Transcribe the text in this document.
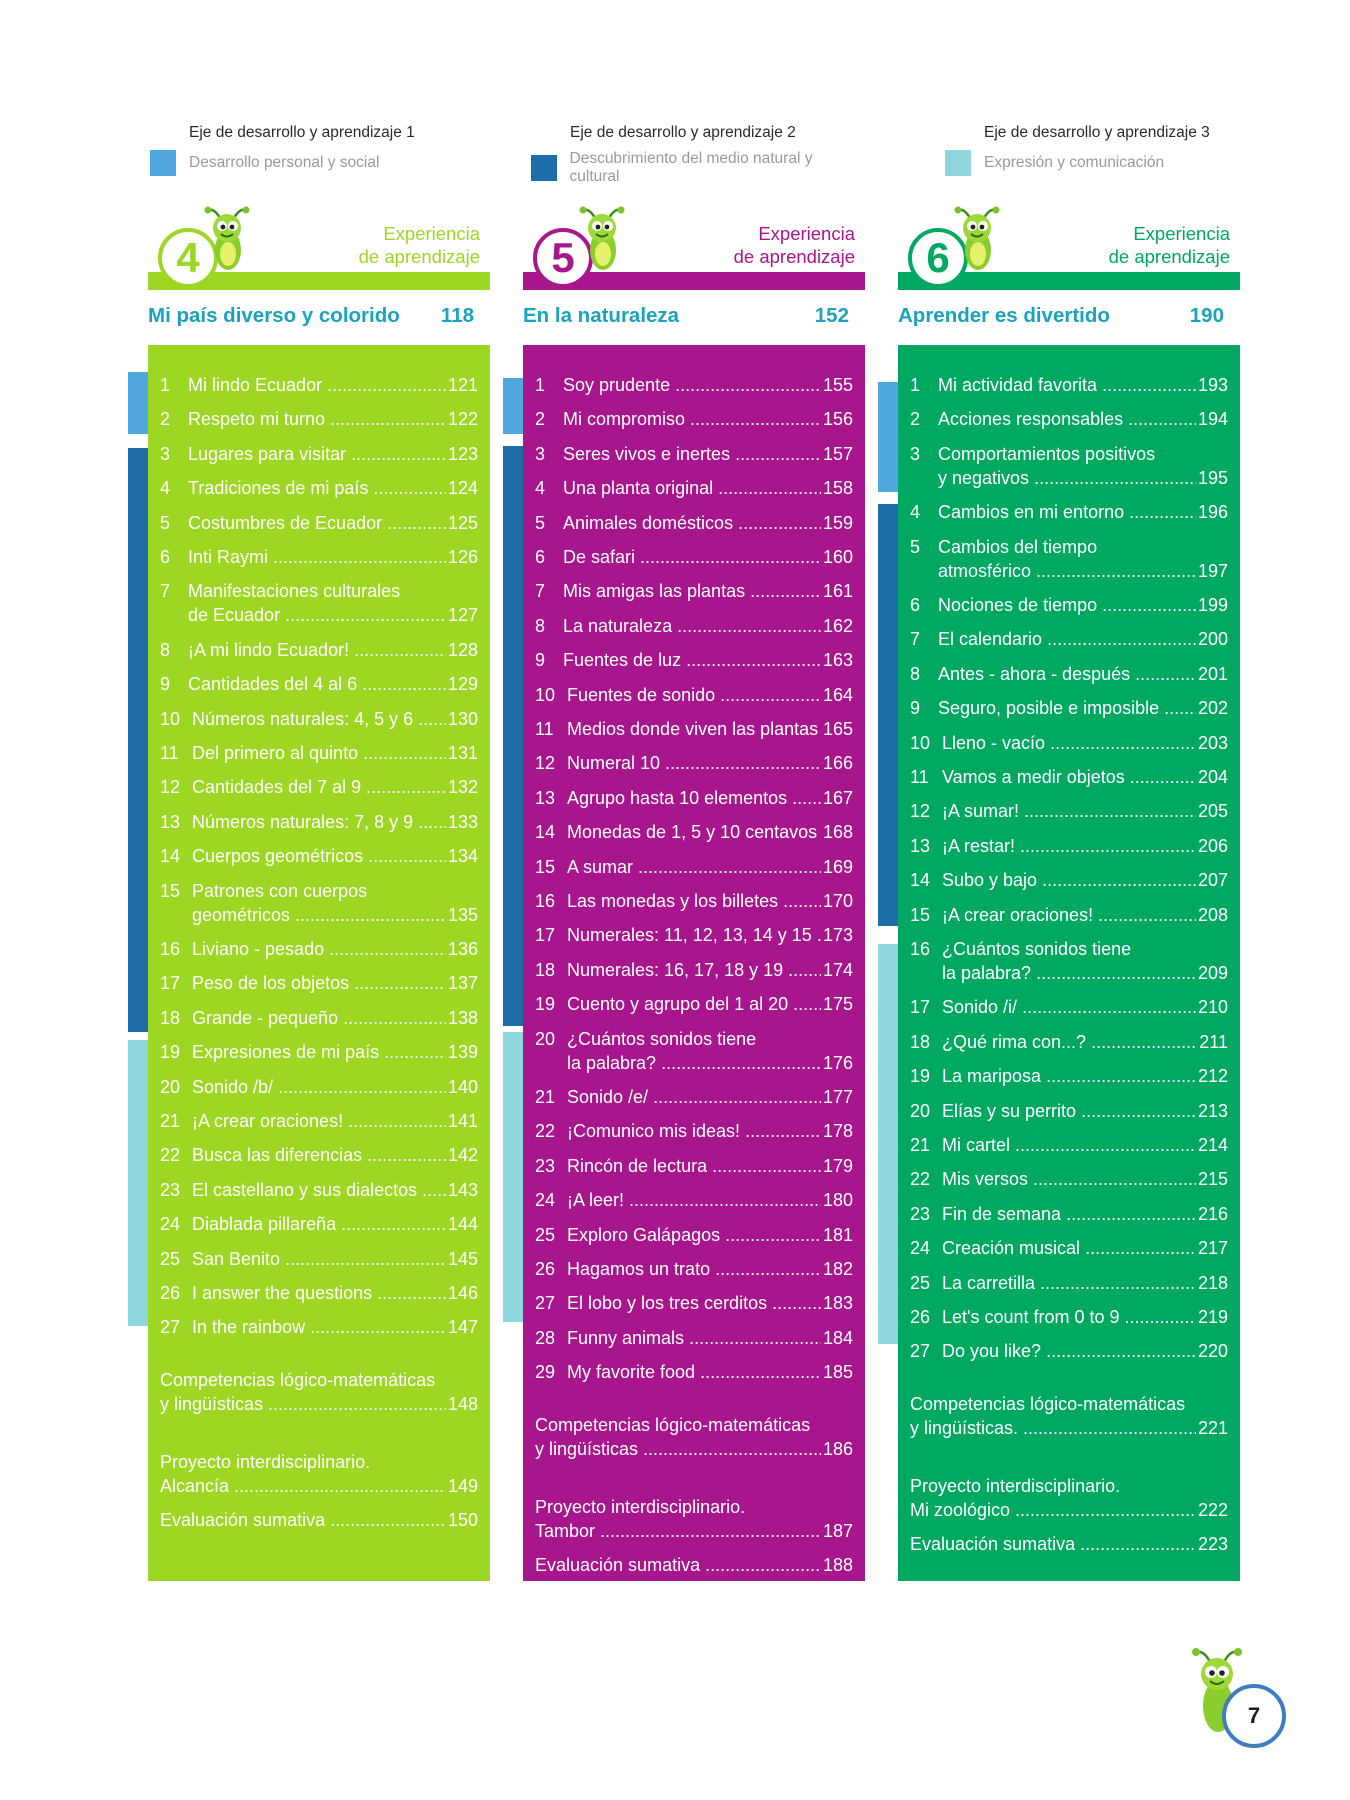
Eje de desarrollo y aprendizaje 1
Desarrollo personal y social
Eje de desarrollo y aprendizaje 2
Descubrimiento del medio natural y cultural
Eje de desarrollo y aprendizaje 3
Expresión y comunicación
4
Experiencia
de aprendizaje
Mi país diverso y colorido 118
1 Mi lindo Ecuador .....	121
2 Respeto mi turno .....	122
3 Lugares para visitar .....	123
4 Tradiciones de mi país .....	124
5 Costumbres de Ecuador .....	125
6 Inti Raymi .....	126
7 Manifestaciones culturales
de Ecuador .....	127
8 ¡A mi lindo Ecuador! .....	128
9 Cantidades del 4 al 6 .....	129
10 Números naturales: 4, 5 y 6 .....	130
11 Del primero al quinto .....	131
12 Cantidades del 7 al 9 .....	132
13 Números naturales: 7, 8 y 9 .....	133
14 Cuerpos geométricos .....	134
15 Patrones con cuerpos
geométricos .....	135
16 Liviano - pesado .....	136
17 Peso de los objetos .....	137
18 Grande - pequeño .....	138
19 Expresiones de mi país .....	139
20 Sonido /b/ .....	140
21 ¡A crear oraciones! .....	141
22 Busca las diferencias .....	142
23 El castellano y sus dialectos .....	143
24 Diablada pillareña .....	144
25 San Benito .....	145
26 I answer the questions .....	146
27 In the rainbow .....	147
Competencias lógico-matemáticas
y lingüísticas .....	148
Proyecto interdisciplinario.
Alcancía .....	149
Evaluación sumativa .....	150
5
Experiencia
de aprendizaje
En la naturaleza	152
1 Soy prudente .....	155
2 Mi compromiso .....	156
3 Seres vivos e inertes .....	157
4 Una planta original .....	158
5 Animales domésticos .....	159
6 De safari .....	160
7 Mis amigas las plantas .....	161
8 La naturaleza .....	162
9 Fuentes de luz .....	163
10 Fuentes de sonido .....	164
11 Medios donde viven las plantas ..... 165
12 Numeral 10 .....	166
13 Agrupo hasta 10 elementos .....	167
14 Monedas de 1, 5 y 10 centavos ..... 168
15 A sumar .....	169
16 Las monedas y los billetes .....	170
17 Numerales: 11, 12, 13, 14 y 15 ..... 173
18 Numerales: 16, 17, 18 y 19 .....	174
19 Cuento y agrupo del 1 al 20 .....	175
20 ¿Cuántos sonidos tiene
la palabra? .....	176
21 Sonido /e/ .....	177
22 ¡Comunico mis ideas! .....	178
23 Rincón de lectura .....	179
24 ¡A leer! .....	180
25 Exploro Galápagos .....	181
26 Hagamos un trato .....	182
27 El lobo y los tres cerditos .....	183
28 Funny animals .....	184
29 My favorite food .....	185
Competencias lógico-matemáticas
y lingüísticas .....	186
Proyecto interdisciplinario.
Tambor .....	187
Evaluación sumativa .....	188
6
Experiencia
de aprendizaje
Aprender es divertido	190
1 Mi actividad favorita .....	193
2 Acciones responsables .....	194
3 Comportamientos positivos
y negativos .....	195
4 Cambios en mi entorno .....	196
5 Cambios del tiempo
atmosférico .....	197
6 Nociones de tiempo .....	199
7 El calendario .....	200
8 Antes - ahora - después .....	201
9 Seguro, posible e imposible .....	202
10 Lleno - vacío .....	203
11 Vamos a medir objetos .....	204
12 ¡A sumar! .....	205
13 ¡A restar! .....	206
14 Subo y bajo .....	207
15 ¡A crear oraciones! .....	208
16 ¿Cuántos sonidos tiene
la palabra? .....	209
17 Sonido /i/ .....	210
18 ¿Qué rima con...? .....	211
19 La mariposa .....	212
20 Elías y su perrito .....	213
21 Mi cartel .....	214
22 Mis versos .....	215
23 Fin de semana .....	216
24 Creación musical .....	217
25 La carretilla .....	218
26 Let's count from 0 to 9 .....	219
27 Do you like? .....	220
Competencias lógico-matemáticas
y lingüísticas. .....	221
Proyecto interdisciplinario.
Mi zoológico .....	222
Evaluación sumativa .....	223
7
